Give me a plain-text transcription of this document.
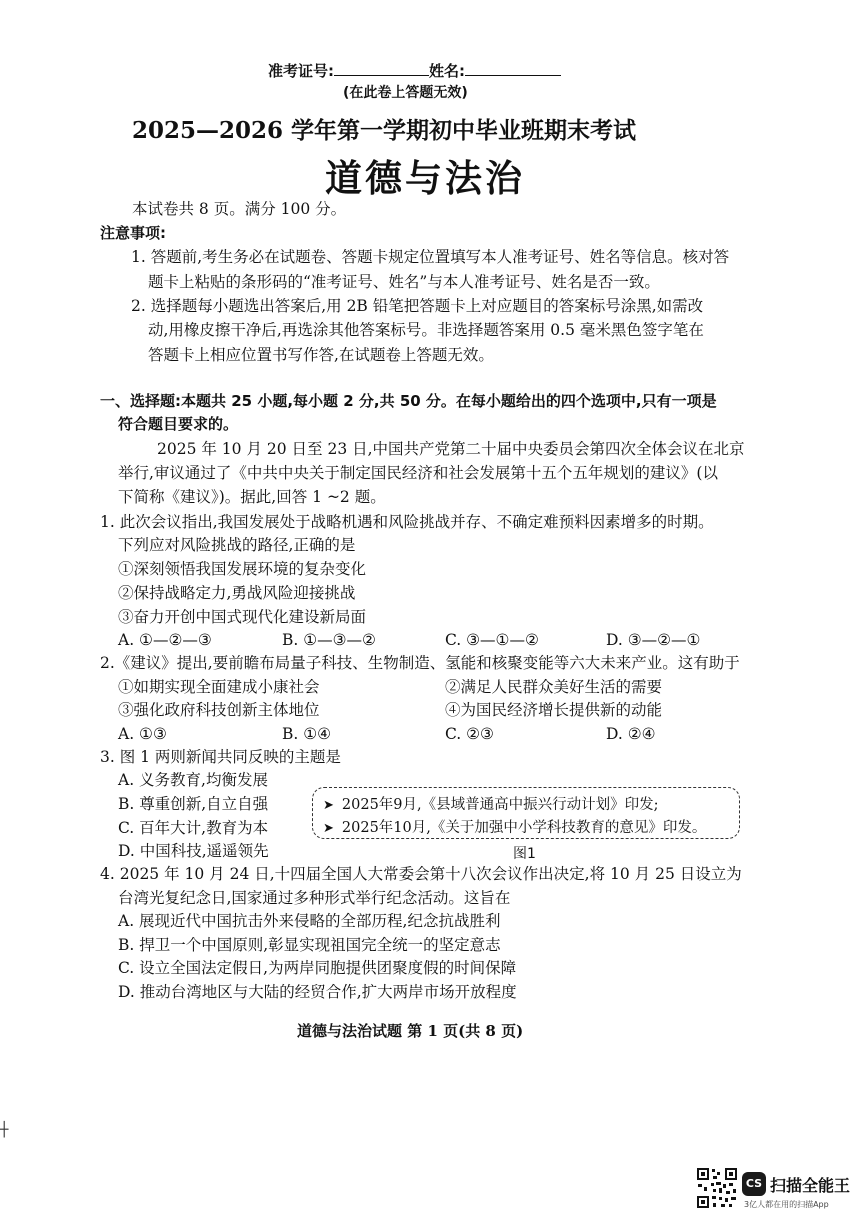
准考证号:	姓名:
(在此卷上答题无效)
2025—2026 学年第一学期初中毕业班期末考试
道德与法治
本试卷共 8 页。满分 100 分。
注意事项:
1. 答题前,考生务必在试题卷、答题卡规定位置填写本人准考证号、姓名等信息。核对答
题卡上粘贴的条形码的“准考证号、姓名”与本人准考证号、姓名是否一致。
2. 选择题每小题选出答案后,用 2B 铅笔把答题卡上对应题目的答案标号涂黑,如需改
动,用橡皮擦干净后,再选涂其他答案标号。非选择题答案用 0.5 毫米黑色签字笔在
答题卡上相应位置书写作答,在试题卷上答题无效。
一、选择题:本题共 25 小题,每小题 2 分,共 50 分。在每小题给出的四个选项中,只有一项是
符合题目要求的。
2025 年 10 月 20 日至 23 日,中国共产党第二十届中央委员会第四次全体会议在北京
举行,审议通过了《中共中央关于制定国民经济和社会发展第十五个五年规划的建议》(以
下简称《建议》)。据此,回答 1 ~2 题。
1. 此次会议指出,我国发展处于战略机遇和风险挑战并存、不确定难预料因素增多的时期。
下列应对风险挑战的路径,正确的是
①深刻领悟我国发展环境的复杂变化
②保持战略定力,勇战风险迎接挑战
③奋力开创中国式现代化建设新局面
A. ①—②—③	B. ①—③—②	C. ③—①—②	D. ③—②—①
2.《建议》提出,要前瞻布局量子科技、生物制造、氢能和核聚变能等六大未来产业。这有助于
①如期实现全面建成小康社会	②满足人民群众美好生活的需要
③强化政府科技创新主体地位	④为国民经济增长提供新的动能
A. ①③	B. ①④	C. ②③	D. ②④
3. 图 1 两则新闻共同反映的主题是
A. 义务教育,均衡发展
B. 尊重创新,自立自强
C. 百年大计,教育为本
D. 中国科技,遥遥领先
➤ 2025年9月,《县域普通高中振兴行动计划》印发;
➤ 2025年10月,《关于加强中小学科技教育的意见》印发。
图1
4. 2025 年 10 月 24 日,十四届全国人大常委会第十八次会议作出决定,将 10 月 25 日设立为
台湾光复纪念日,国家通过多种形式举行纪念活动。这旨在
A. 展现近代中国抗击外来侵略的全部历程,纪念抗战胜利
B. 捍卫一个中国原则,彰显实现祖国完全统一的坚定意志
C. 设立全国法定假日,为两岸同胞提供团聚度假的时间保障
D. 推动台湾地区与大陆的经贸合作,扩大两岸市场开放程度
道德与法治试题 第 1 页(共 8 页)
┼
CS 扫描全能王
3亿人都在用的扫描App
